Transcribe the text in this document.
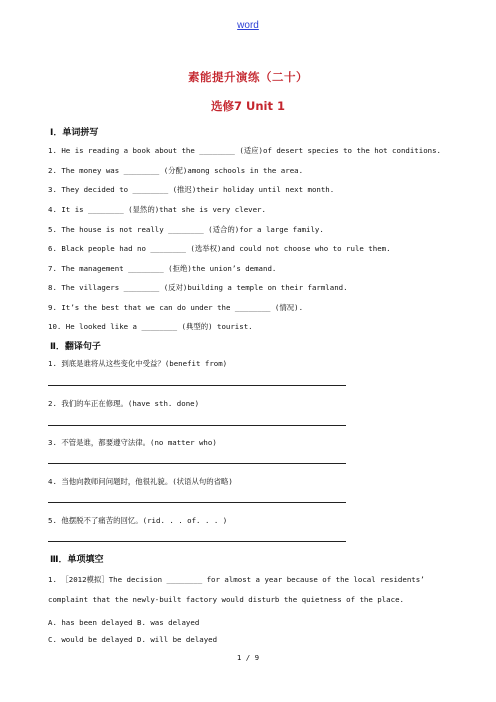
word
素能提升演练（二十）
选修7 Unit 1
Ⅰ．单词拼写
1. He is reading a book about the ________ (适应)of desert species to the hot conditions.
2. The money was ________ (分配)among schools in the area.
3. They decided to ________ (推迟)their holiday until next month.
4. It is ________ (显然的)that she is very clever.
5. The house is not really ________ (适合的)for a large family.
6. Black people had no ________ (选举权)and could not choose who to rule them.
7. The management ________ (拒绝)the union’s demand.
8. The villagers ________ (反对)building a temple on their farmland.
9. It’s the best that we can do under the ________ (情况).
10. He looked like a ________ (典型的) tourist.
Ⅱ．翻译句子
1. 到底是谁将从这些变化中受益？(benefit from)
2. 我们的车正在修理。(have sth. done)
3. 不管是谁，都要遵守法律。(no matter who)
4. 当他向教师问问题时，他很礼貌。(状语从句的省略)
5. 他摆脱不了痛苦的回忆。(rid. . . of. . . )
Ⅲ．单项填空
1. ［2012模拟］The decision ________ for almost a year because of the local residents’ complaint that the newly-built factory would disturb the quietness of the place.
A. has been delayed B. was delayed
C. would be delayed D. will be delayed
1 / 9
